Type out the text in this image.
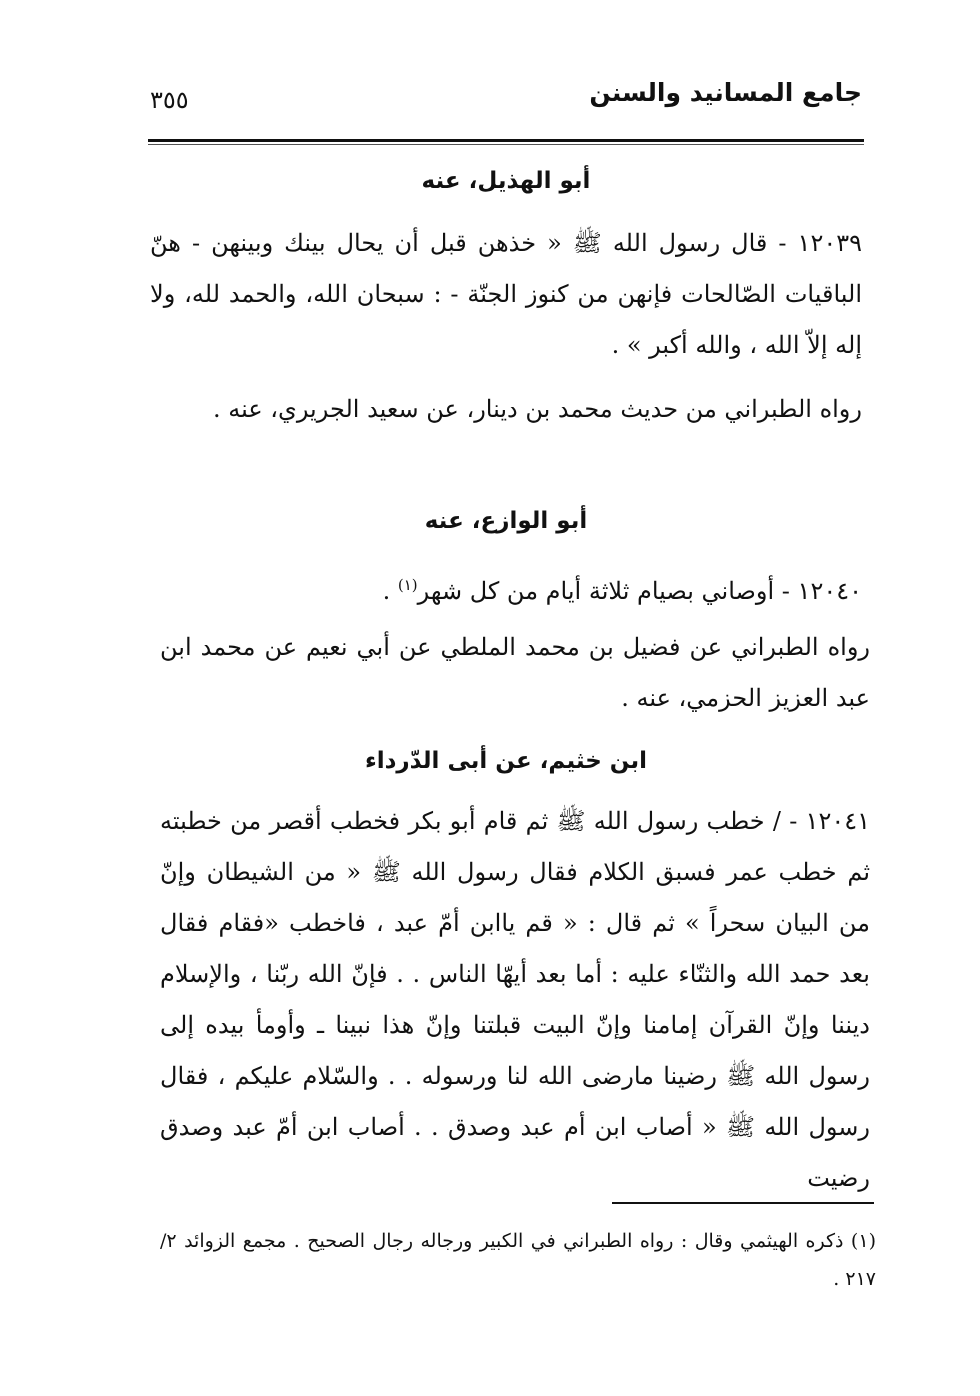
جامع المسانيد والسنن
٣٥٥
أبو الهذيل، عنه
١٢٠٣٩ - قال رسول الله ﷺ « خذهن قبل أن يحال بينك وبينهن - هنّ الباقيات الصّالحات فإنهن من كنوز الجنّة - : سبحان الله، والحمد لله، ولا إله إلاّ الله ، والله أكبر » .
رواه الطبراني من حديث محمد بن دينار، عن سعيد الجريري، عنه .
أبو الوازع، عنه
١٢٠٤٠ - أوصاني بصيام ثلاثة أيام من كل شهر$^{(١)}$ .
رواه الطبراني عن فضيل بن محمد الملطي عن أبي نعيم عن محمد ابن عبد العزيز الحزمي، عنه .
ابن خثيم، عن أبى الدّرداء
١٢٠٤١ - / خطب رسول الله ﷺ ثم قام أبو بكر فخطب أقصر من خطبته ثم خطب عمر فسبق الكلام فقال رسول الله ﷺ « من الشيطان وإنّ من البيان سحراً » ثم قال : « قم ياابن أمّ عبد ، فاخطب «فقام فقال بعد حمد الله والثنّاء عليه : أما بعد أيهّا الناس . . فإنّ الله ربّنا ، والإسلام ديننا وإنّ القرآن إمامنا وإنّ البيت قبلتنا وإنّ هذا نبينا ـ وأومأ بيده إلى رسول الله ﷺ رضينا مارضى الله لنا ورسوله . . والسّلام عليكم ، فقال رسول الله ﷺ « أصاب ابن أم عبد وصدق . . أصاب ابن أمّ عبد وصدق رضيت
(١) ذكره الهيثمي وقال : رواه الطبراني في الكبير ورجاله رجال الصحيح . مجمع الزوائد ٢/ ٢١٧ .
